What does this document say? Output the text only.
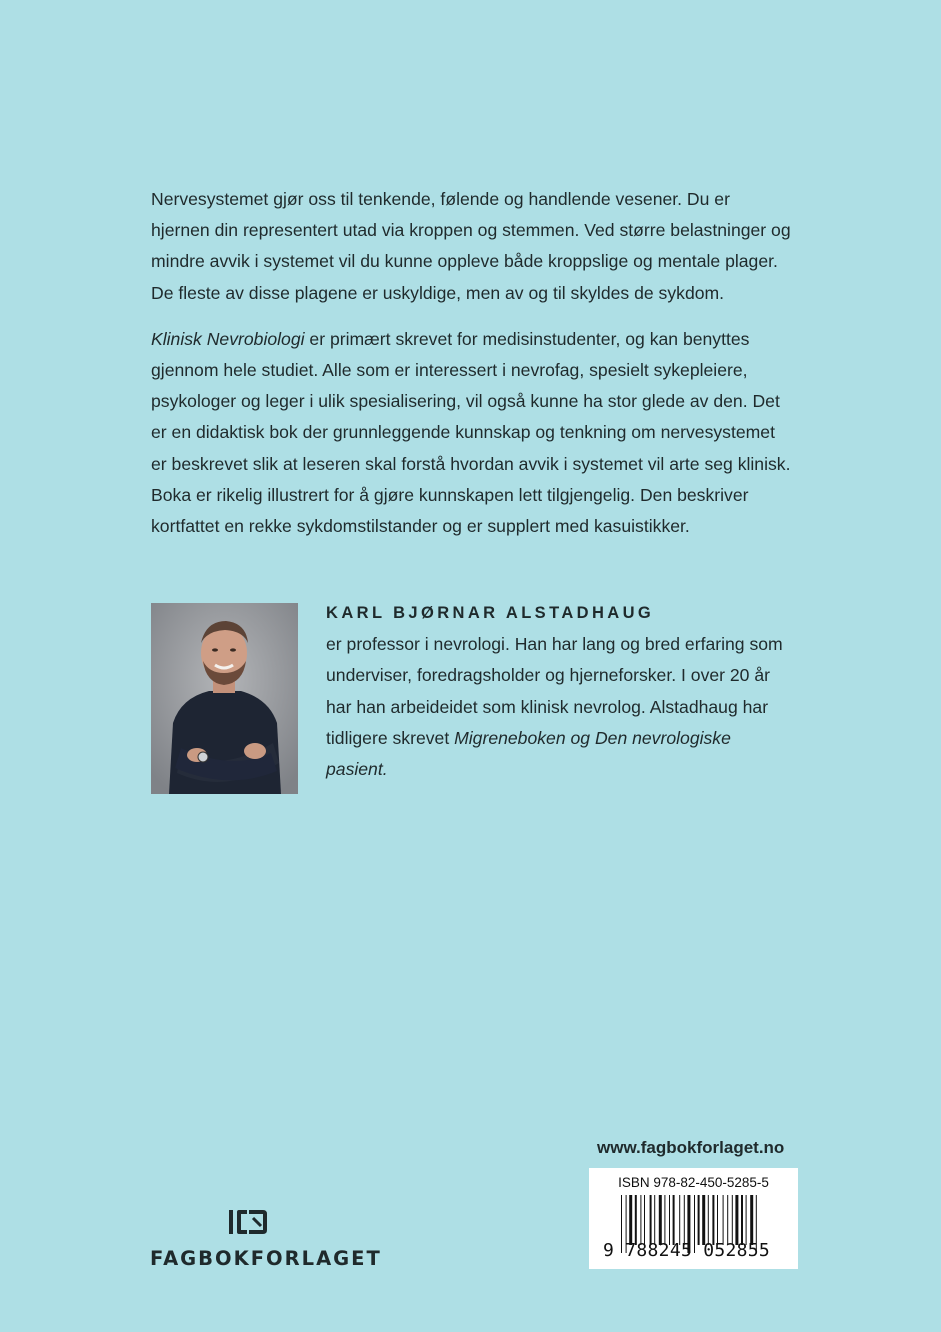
Nervesystemet gjør oss til tenkende, følende og handlende vesener. Du er hjernen din representert utad via kroppen og stemmen. Ved større belastninger og mindre avvik i systemet vil du kunne oppleve både kroppslige og mentale plager. De fleste av disse plagene er uskyldige, men av og til skyldes de sykdom.

Klinisk Nevrobiologi er primært skrevet for medisinstudenter, og kan benyttes gjennom hele studiet. Alle som er interessert i nevrofag, spesielt sykepleiere, psykologer og leger i ulik spesialisering, vil også kunne ha stor glede av den. Det er en didaktisk bok der grunnleggende kunnskap og tenkning om nervesystemet er beskrevet slik at leseren skal forstå hvordan avvik i systemet vil arte seg klinisk. Boka er rikelig illustrert for å gjøre kunnskapen lett tilgjengelig. Den beskriver kortfattet en rekke sykdomstilstander og er supplert med kasuistikker.

KARL BJØRNAR ALSTADHAUG
er professor i nevrologi. Han har lang og bred erfaring som underviser, foredragsholder og hjerneforsker. I over 20 år har han arbeideidet som klinisk nevrolog. Alstadhaug har tidligere skrevet Migreneboken og Den nevrologiske pasient.
www.fagbokforlaget.no
ISBN 978-82-450-5285-5
9 788245 052855
FAGBOKFORLAGET
